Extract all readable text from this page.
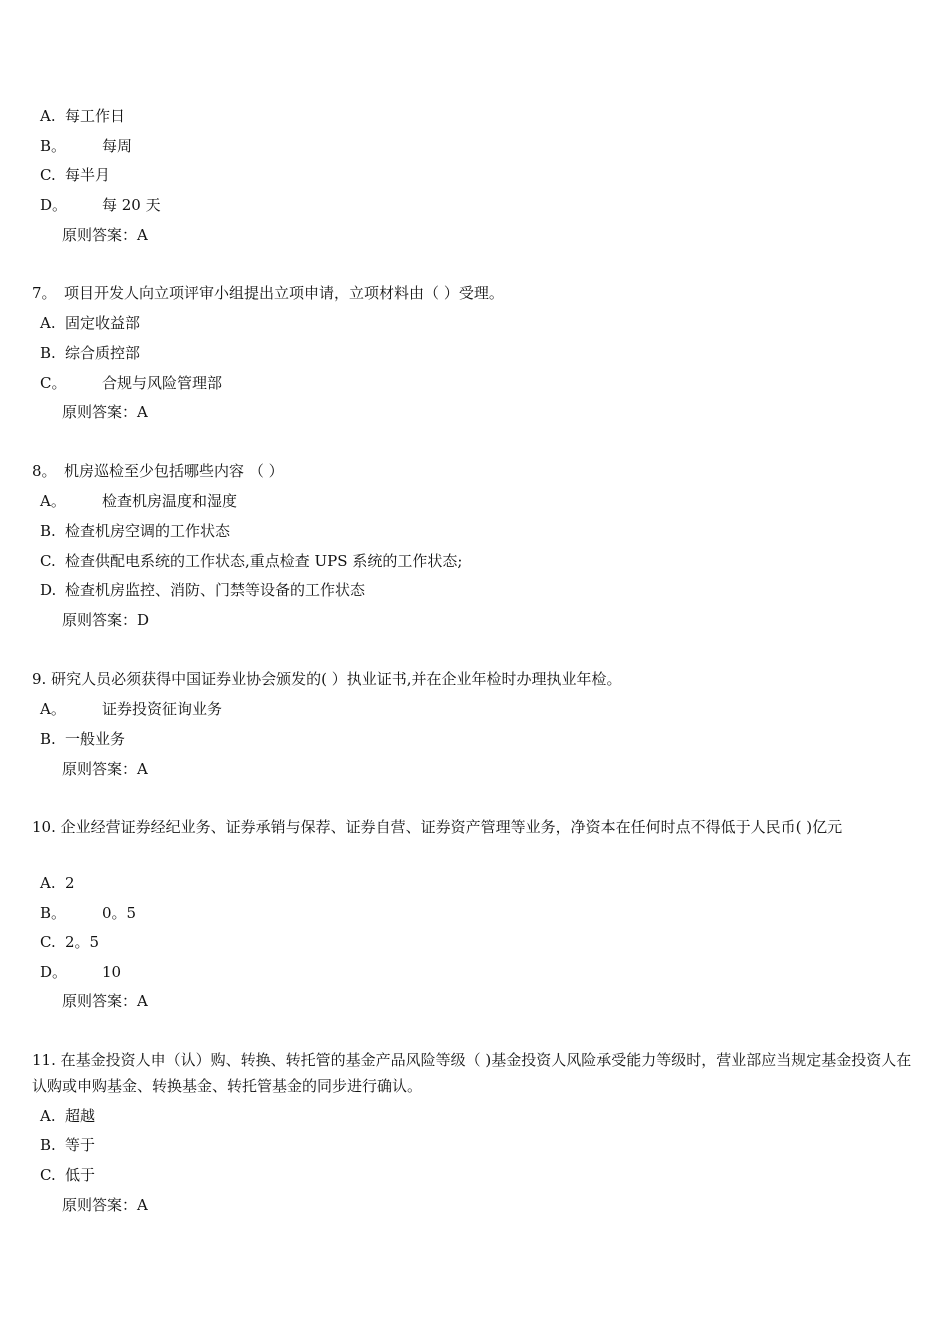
A. 每工作日
B。 每周
C. 每半月
D。 每 20 天
原则答案：A
7。　项目开发人向立项评审小组提出立项申请，立项材料由（ ）受理。
A. 固定收益部
B. 综合质控部
C。 合规与风险管理部
原则答案：A
8。　机房巡检至少包括哪些内容 （ ）
A。 检查机房温度和湿度
B. 检查机房空调的工作状态
C. 检查供配电系统的工作状态,重点检查 UPS 系统的工作状态;
D. 检查机房监控、消防、门禁等设备的工作状态
原则答案：D
9. 研究人员必须获得中国证券业协会颁发的( ）执业证书,并在企业年检时办理执业年检。
A。 证券投资征询业务
B. 一般业务
原则答案：A
10. 企业经营证券经纪业务、证券承销与保荐、证券自营、证券资产管理等业务，净资本在任何时点不得低于人民币( )亿元
A. 2
B。 0。5
C. 2。5
D。 10
原则答案：A
11. 在基金投资人申（认）购、转换、转托管的基金产品风险等级（ )基金投资人风险承受能力等级时，营业部应当规定基金投资人在认购或申购基金、转换基金、转托管基金的同步进行确认。
A. 超越
B. 等于
C. 低于
原则答案：A
